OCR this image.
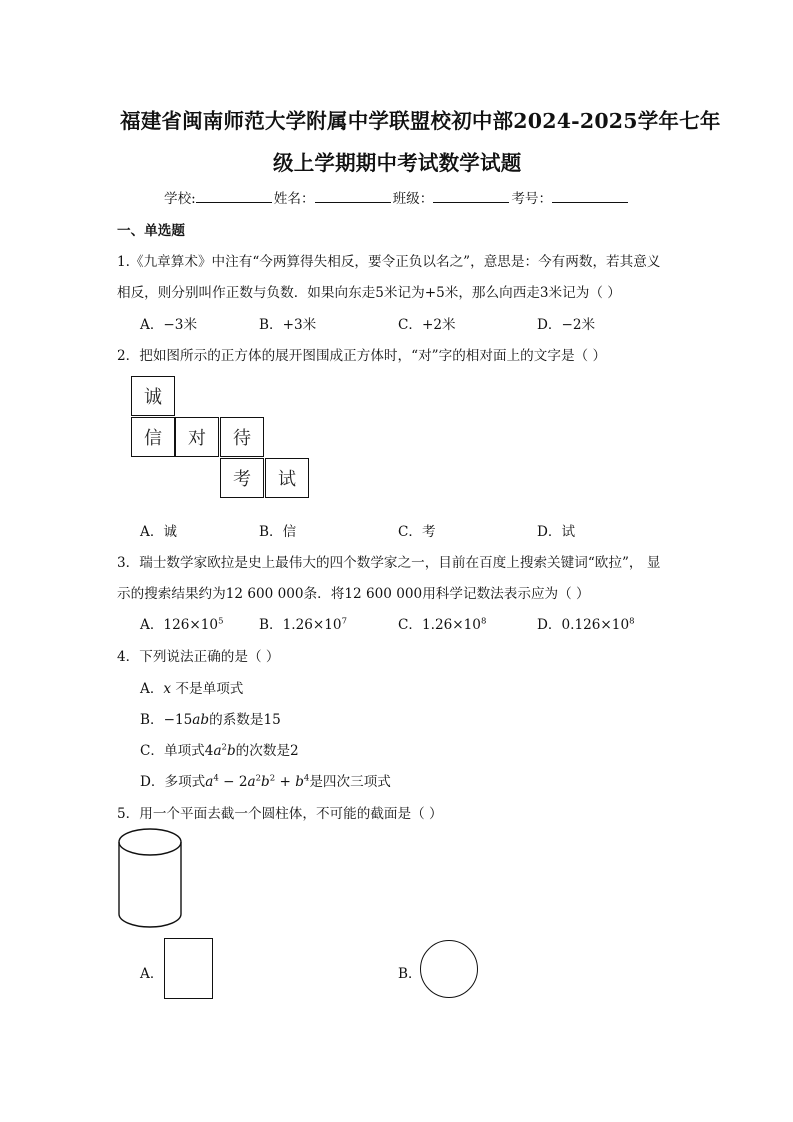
福建省闽南师范大学附属中学联盟校初中部2024-2025学年七年
级上学期期中考试数学试题
学校:	姓名：	班级：	考号：
一、单选题
1.《九章算术》中注有“今两算得失相反，要令正负以名之”，意思是：今有两数，若其意义
相反，则分别叫作正数与负数．如果向东走5米记为+5米，那么向西走3米记为（ ）
A．−3米	B．+3米	C．+2米	D．−2米
2．把如图所示的正方体的展开图围成正方体时，“对”字的相对面上的文字是（ ）
诚
信	对	待
考	试
A．诚	B．信	C．考	D．试
3．瑞士数学家欧拉是史上最伟大的四个数学家之一，目前在百度上搜索关键词“欧拉”， 显
示的搜索结果约为12 600 000条．将12 600 000用科学记数法表示应为（ ）
A．$126\times 10^5$	B．$1.26\times 10^7$	C．$1.26\times 10^8$	D．$0.126\times 10^8$
4．下列说法正确的是（ ）
A．x 不是单项式
B．−15ab的系数是15
C．单项式$4a^2b$的次数是2
D．多项式$a^4 - 2a^2b^2 + b^4$是四次三项式
5．用一个平面去截一个圆柱体，不可能的截面是（ ）
A．	B．
